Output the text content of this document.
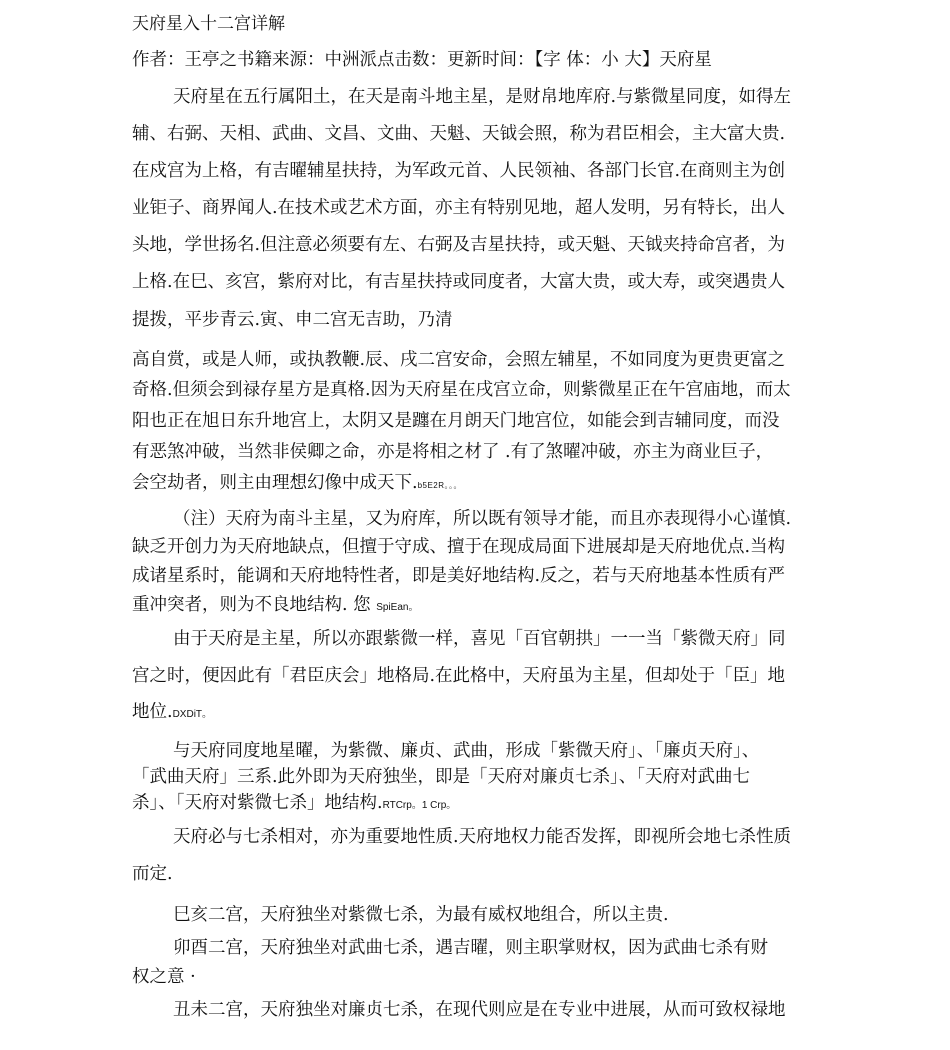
天府星入十二宫详解
作者：王亭之书籍来源：中洲派点击数：更新时间：【字 体：小 大】天府星
天府星在五行属阳土，在天是南斗地主星，是财帛地库府.与紫微星同度，如得左
辅、右弼、天相、武曲、文昌、文曲、天魁、天钺会照，称为君臣相会，主大富大贵.
在戍宫为上格，有吉曜辅星扶持，为军政元首、人民领袖、各部门长官.在商则主为创
业钜子、商界闻人.在技术或艺术方面，亦主有特别见地，超人发明，另有特长，出人
头地，学世扬名.但注意必须要有左、右弼及吉星扶持，或天魁、天钺夹持命宫者，为
上格.在巳、亥宫，紫府对比，有吉星扶持或同度者，大富大贵，或大寿，或突遇贵人
提拨，平步青云.寅、申二宫无吉助，乃清
高自赏，或是人师，或执教鞭.辰、戌二宫安命，会照左辅星，不如同度为更贵更富之
奇格.但须会到禄存星方是真格.因为天府星在戌宫立命，则紫微星正在午宫庙地，而太
阳也正在旭日东升地宫上，太阴又是躔在月朗天门地宫位，如能会到吉辅同度，而没
有恶煞冲破，当然非侯卿之命，亦是将相之材了 .有了煞曜冲破，亦主为商业巨子，
会空劫者，则主由理想幻像中成天下.b5E2R。。。
（注）天府为南斗主星，又为府库，所以既有领导才能，而且亦表现得小心谨慎.
缺乏开创力为天府地缺点，但擅于守成、擅于在现成局面下进展却是天府地优点.当构
成诸星系时，能调和天府地特性者，即是美好地结构.反之，若与天府地基本性质有严
重冲突者，则为不良地结构. 您 SpiEan。
由于天府是主星，所以亦跟紫微一样，喜见「百官朝拱」一一当「紫微天府」同
宫之时，便因此有「君臣庆会」地格局.在此格中，天府虽为主星，但却处于「臣」地
地位.DXDiT。
与天府同度地星曜，为紫微、廉贞、武曲，形成「紫微天府」、「廉贞天府」、
「武曲天府」三系.此外即为天府独坐，即是「天府对廉贞七杀」、「天府对武曲七
杀」、「天府对紫微七杀」地结构.RTCrp。1 Crp。
天府必与七杀相对，亦为重要地性质.天府地权力能否发挥，即视所会地七杀性质
而定.
巳亥二宫，天府独坐对紫微七杀，为最有威权地组合，所以主贵.
卯酉二宫，天府独坐对武曲七杀，遇吉曜，则主职掌财权，因为武曲七杀有财
权之意 ·
丑未二宫，天府独坐对廉贞七杀，在现代则应是在专业中进展，从而可致权禄地
